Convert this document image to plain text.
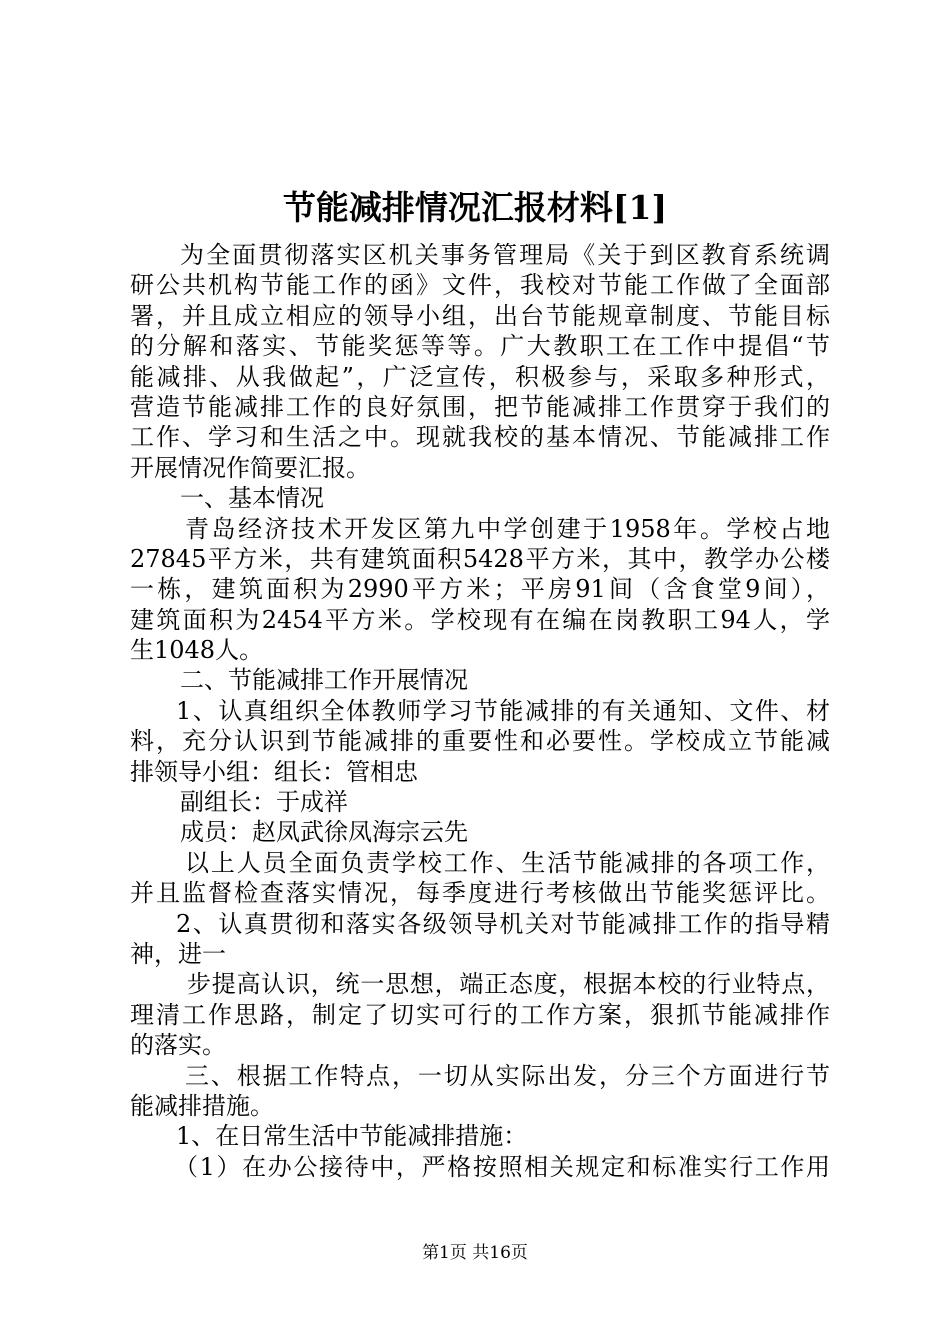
节能减排情况汇报材料[1]
为全面贯彻落实区机关事务管理局《关于到区教育系统调
研公共机构节能工作的函》文件，我校对节能工作做了全面部
署，并且成立相应的领导小组，出台节能规章制度、节能目标
的分解和落实、节能奖惩等等。广大教职工在工作中提倡“节
能减排、从我做起”，广泛宣传，积极参与，采取多种形式，
营造节能减排工作的良好氛围，把节能减排工作贯穿于我们的
工作、学习和生活之中。现就我校的基本情况、节能减排工作
开展情况作简要汇报。
一、基本情况
青岛经济技术开发区第九中学创建于1958年。学校占地
27845平方米，共有建筑面积5428平方米，其中，教学办公楼
一栋，建筑面积为2990平方米；平房91间（含食堂9间），
建筑面积为2454平方米。学校现有在编在岗教职工94人，学
生1048人。
二、节能减排工作开展情况
1、认真组织全体教师学习节能减排的有关通知、文件、材
料，充分认识到节能减排的重要性和必要性。学校成立节能减
排领导小组：组长：管相忠
副组长：于成祥
成员：赵凤武徐凤海宗云先
以上人员全面负责学校工作、生活节能减排的各项工作，
并且监督检查落实情况，每季度进行考核做出节能奖惩评比。
2、认真贯彻和落实各级领导机关对节能减排工作的指导精
神，进一
步提高认识，统一思想，端正态度，根据本校的行业特点，
理清工作思路，制定了切实可行的工作方案，狠抓节能减排作
的落实。
三、根据工作特点，一切从实际出发，分三个方面进行节
能减排措施。
1、在日常生活中节能减排措施：
（1）在办公接待中，严格按照相关规定和标准实行工作用
第1页 共16页
